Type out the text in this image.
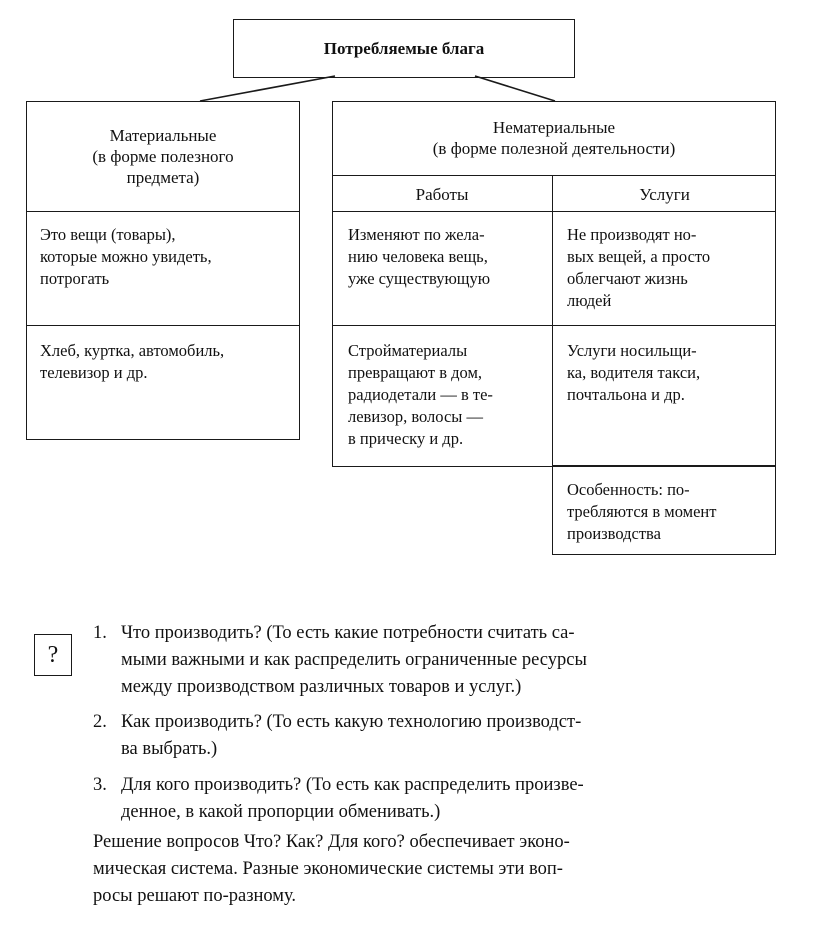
Потребляемые блага
Материальные
(в форме полезного
предмета)
Это вещи (товары),
которые можно увидеть,
потрогать
Хлеб, куртка, автомобиль,
телевизор и др.
Нематериальные
(в форме полезной деятельности)
Работы	Услуги
Изменяют по жела-
нию человека вещь,
уже существующую
Не производят но-
вых вещей, а просто
облегчают жизнь
людей
Стройматериалы
превращают в дом,
радиодетали — в те-
левизор, волосы —
в прическу и др.
Услуги носильщи-
ка, водителя такси,
почтальона и др.
Особенность: по-
требляются в момент
производства
?
1. Что производить? (То есть какие потребности считать са-
мыми важными и как распределить ограниченные ресурсы
между производством различных товаров и услуг.)
2. Как производить? (То есть какую технологию производст-
ва выбрать.)
3. Для кого производить? (То есть как распределить произве-
денное, в какой пропорции обменивать.)
Решение вопросов Что? Как? Для кого? обеспечивает эконо-
мическая система. Разные экономические системы эти воп-
росы решают по-разному.
